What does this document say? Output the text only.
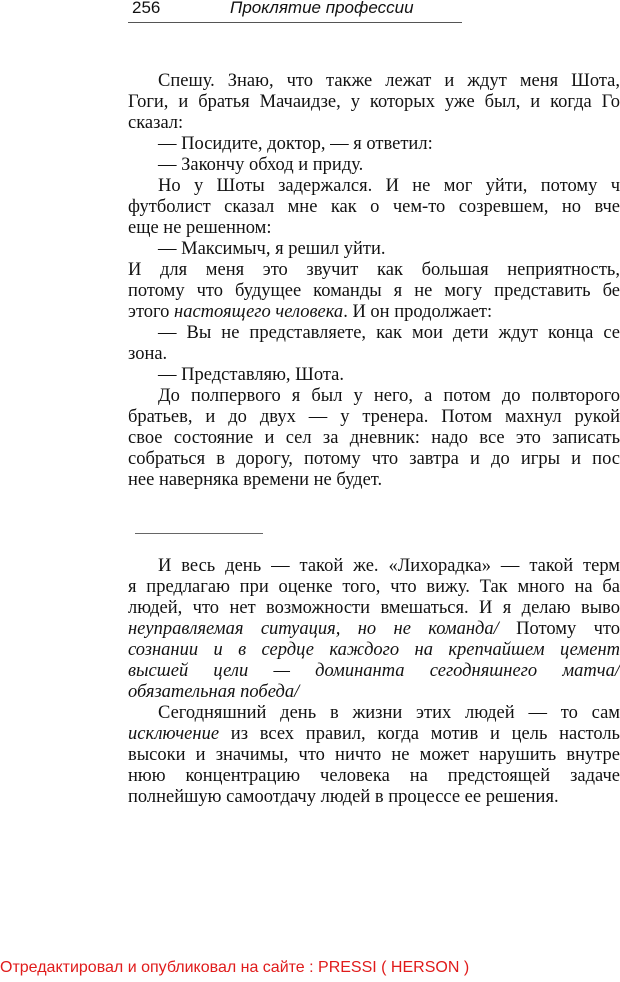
256	Проклятие профессии
Спешу. Знаю, что также лежат и ждут меня Шота,
Гоги, и братья Мачаидзе, у которых уже был, и когда Го
сказал:
— Посидите, доктор, — я ответил:
— Закончу обход и приду.
Но у Шоты задержался. И не мог уйти, потому ч
футболист сказал мне как о чем-то созревшем, но вче
еще не решенном:
— Максимыч, я решил уйти.
И для меня это звучит как большая неприятность,
потому что будущее команды я не могу представить бе
этого настоящего человека. И он продолжает:
— Вы не представляете, как мои дети ждут конца се
зона.
— Представляю, Шота.
До полпервого я был у него, а потом до полвторого
братьев, и до двух — у тренера. Потом махнул рукой
свое состояние и сел за дневник: надо все это записать
собраться в дорогу, потому что завтра и до игры и пос
нее наверняка времени не будет.
И весь день — такой же. «Лихорадка» — такой терм
я предлагаю при оценке того, что вижу. Так много на ба
людей, что нет возможности вмешаться. И я делаю выво
неуправляемая ситуация, но не команда/ Потому что
сознании и в сердце каждого на крепчайшем цемент
высшей цели — доминанта сегодняшнего матча/
обязательная победа/
Сегодняшний день в жизни этих людей — то сам
исключение из всех правил, когда мотив и цель настоль
высоки и значимы, что ничто не может нарушить внутре
нюю концентрацию человека на предстоящей задаче
полнейшую самоотдачу людей в процессе ее решения.
Отредактировал и опубликовал на сайте : PRESSI ( HERSON )
